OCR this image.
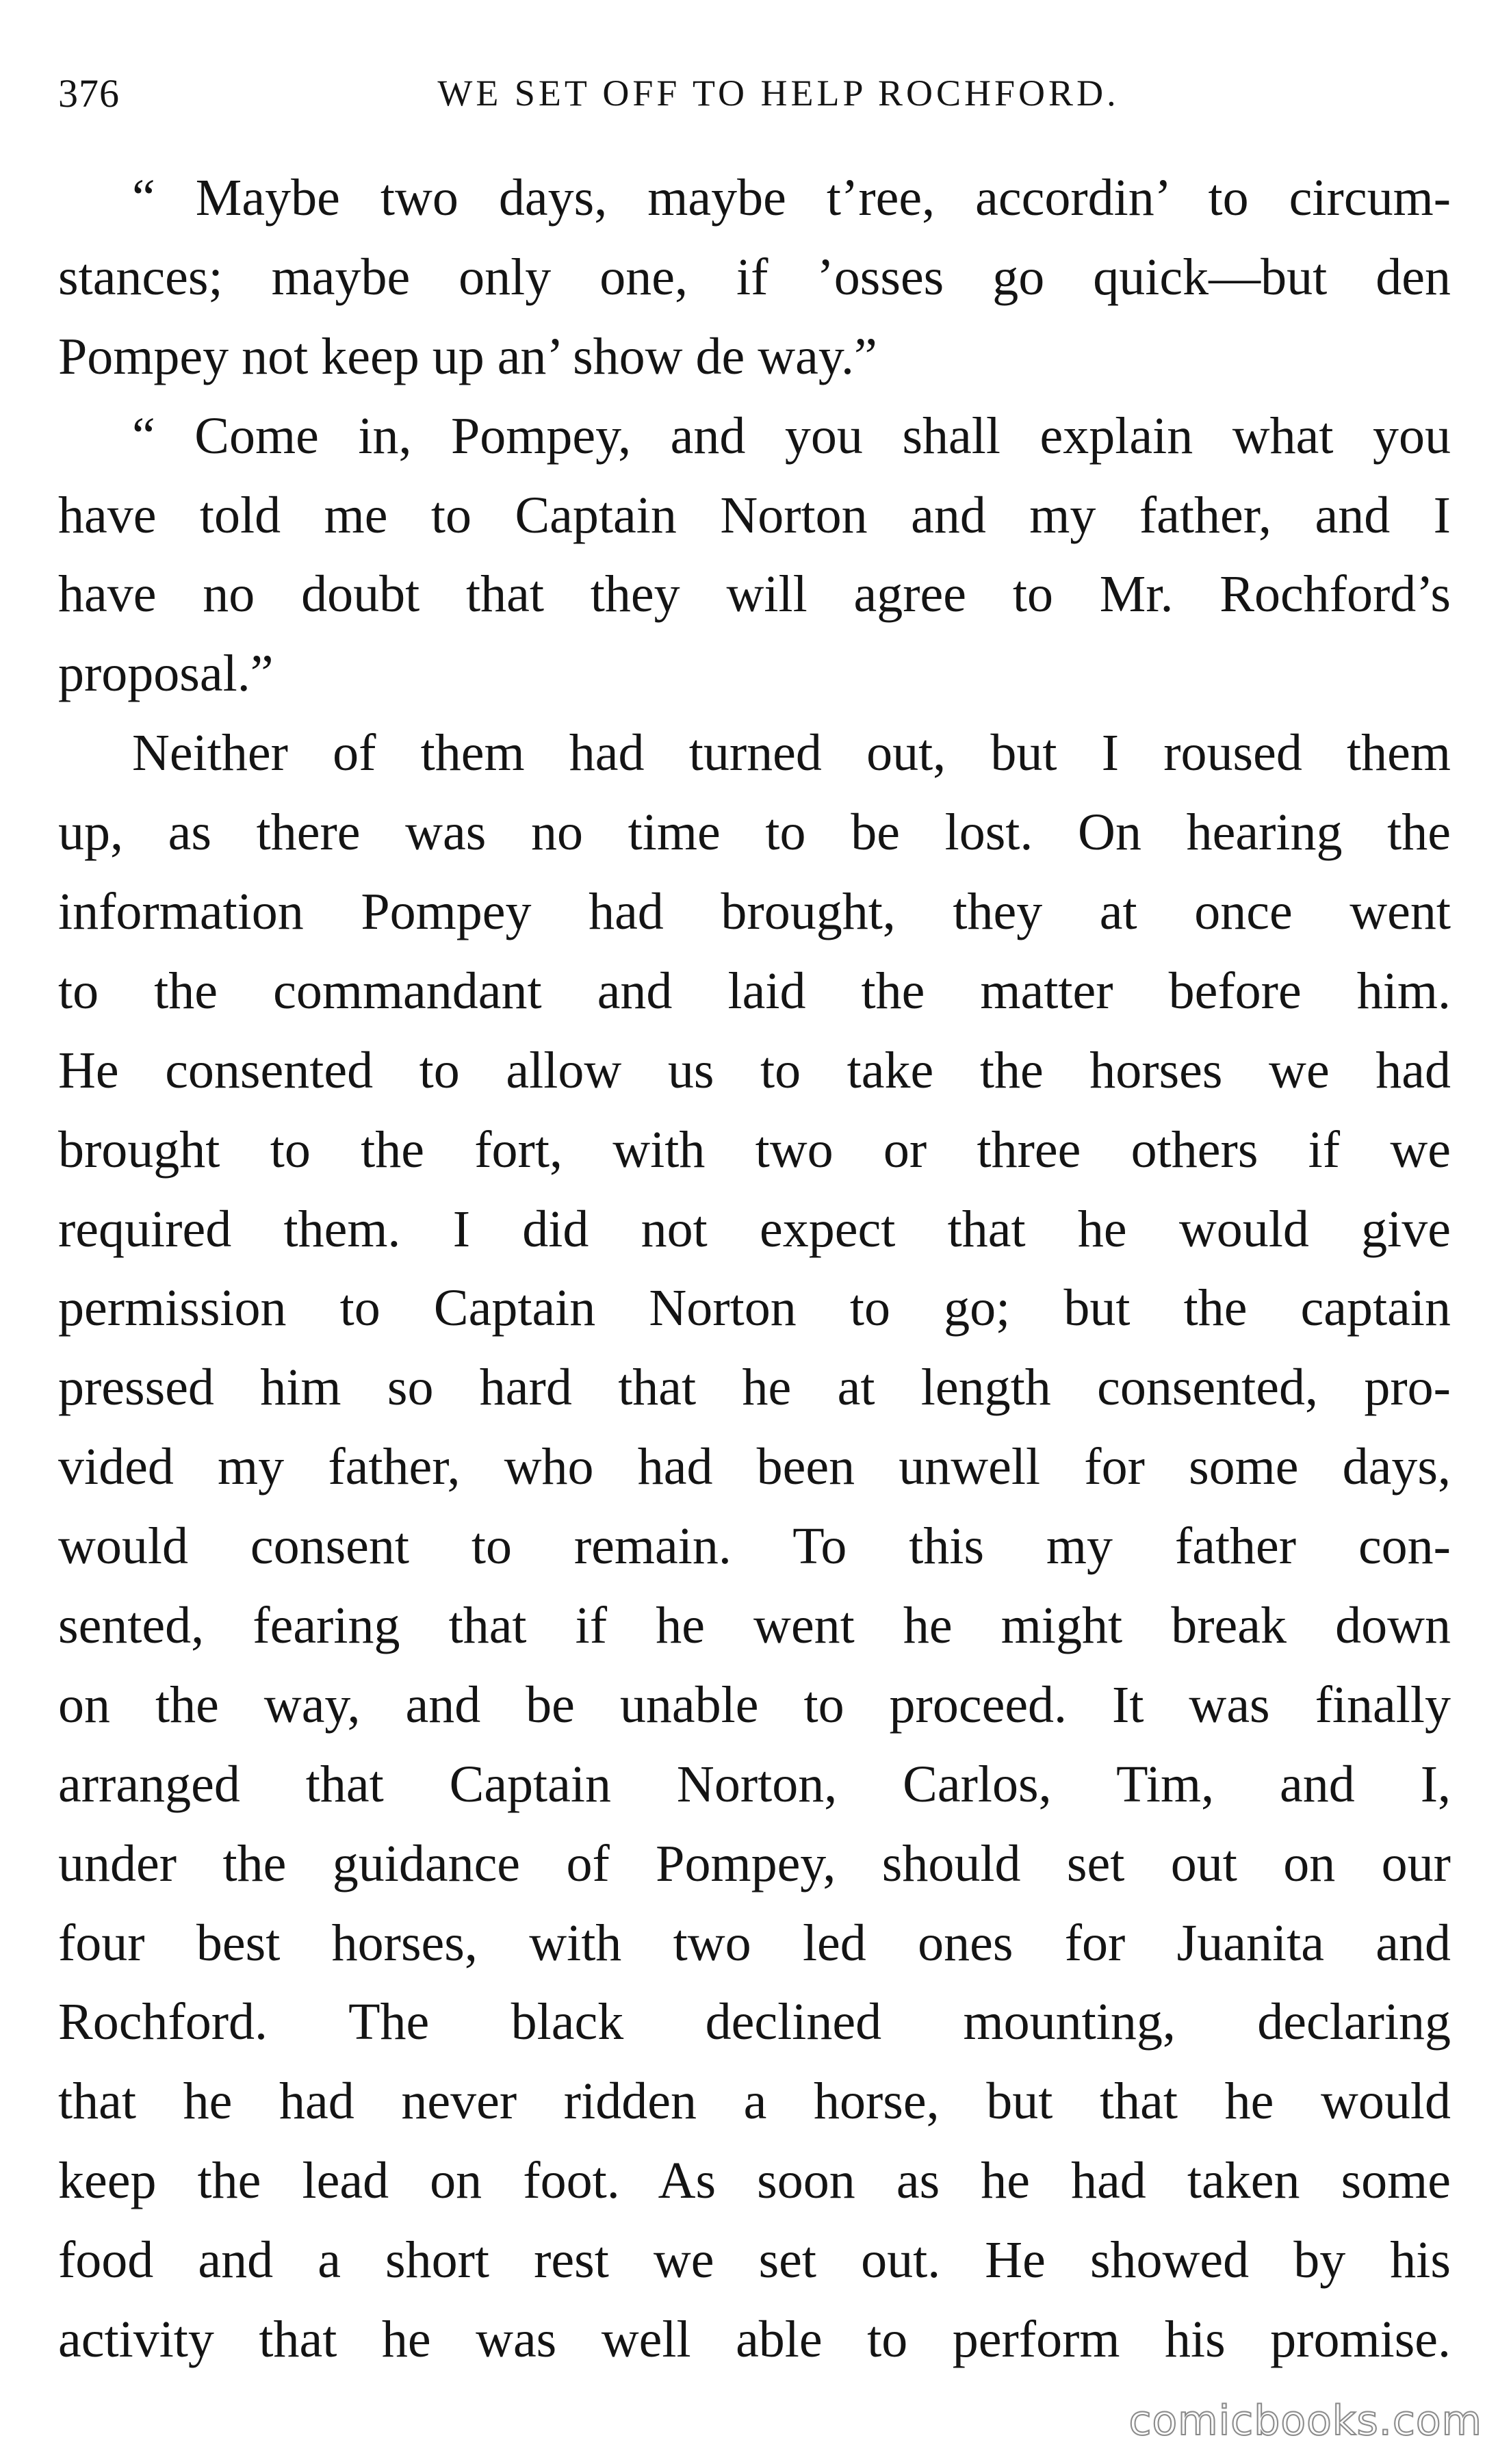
376	WE SET OFF TO HELP ROCHFORD.
“ Maybe two days, maybe t’ree, accordin’ to circum-
stances; maybe only one, if ’osses go quick—but den
Pompey not keep up an’ show de way.”
“ Come in, Pompey, and you shall explain what you
have told me to Captain Norton and my father, and I
have no doubt that they will agree to Mr. Rochford’s
proposal.”
Neither of them had turned out, but I roused them
up, as there was no time to be lost. On hearing the
information Pompey had brought, they at once went
to the commandant and laid the matter before him.
He consented to allow us to take the horses we had
brought to the fort, with two or three others if we
required them. I did not expect that he would give
permission to Captain Norton to go; but the captain
pressed him so hard that he at length consented, pro-
vided my father, who had been unwell for some days,
would consent to remain. To this my father con-
sented, fearing that if he went he might break down
on the way, and be unable to proceed. It was finally
arranged that Captain Norton, Carlos, Tim, and I,
under the guidance of Pompey, should set out on our
four best horses, with two led ones for Juanita and
Rochford. The black declined mounting, declaring
that he had never ridden a horse, but that he would
keep the lead on foot. As soon as he had taken some
food and a short rest we set out. He showed by his
activity that he was well able to perform his promise.
comicbooks.com
